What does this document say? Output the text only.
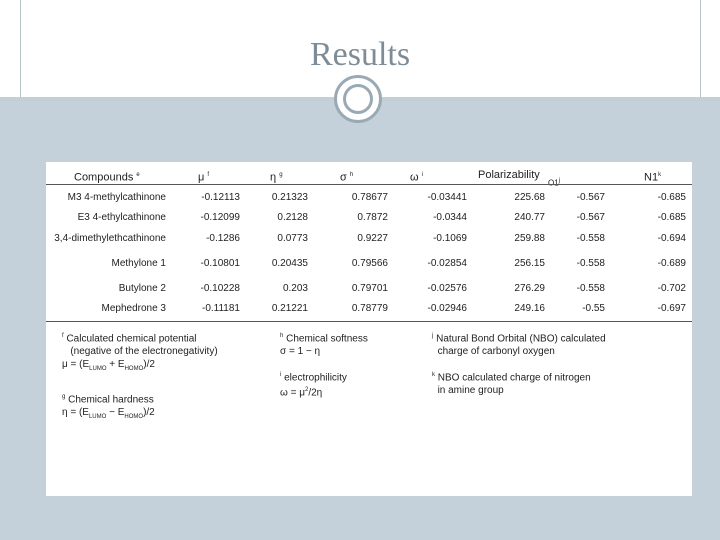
Results
Compounds $^e$	μ $^f$	η $^g$	σ $^h$	ω $^i$	Polarizability	$^j$	N1$^k$
M3 4-methylcathinone	-0.12113	0.21323	0.78677	-0.03441	225.68	-0.567	-0.685
E3 4-ethylcathinone	-0.12099	0.2128	0.7872	-0.0344	240.77	-0.567	-0.685
3,4-dimethylethcathinone	-0.1286	0.0773	0.9227	-0.1069	259.88	-0.558	-0.694
Methylone 1	-0.10801	0.20435	0.79566	-0.02854	256.15	-0.558	-0.689
Butylone 2	-0.10228	0.203	0.79701	-0.02576	276.29	-0.558	-0.702
Mephedrone 3	-0.11181	0.21221	0.78779	-0.02946	249.16	-0.55	-0.697
$^f$ Calculated chemical potential
(negative of the electronegativity)
$\mu = (E_{LUMO} + E_{HOMO})/2$
$^g$ Chemical hardness
$\eta = (E_{LUMO} - E_{HOMO})/2$
$^h$ Chemical softness
σ = 1 − η
$^i$ electrophilicity
$\omega = \mu^2/2\eta$
$^j$ Natural Bond Orbital (NBO) calculated
charge of carbonyl oxygen
$^k$ NBO calculated charge of nitrogen
in amine group
